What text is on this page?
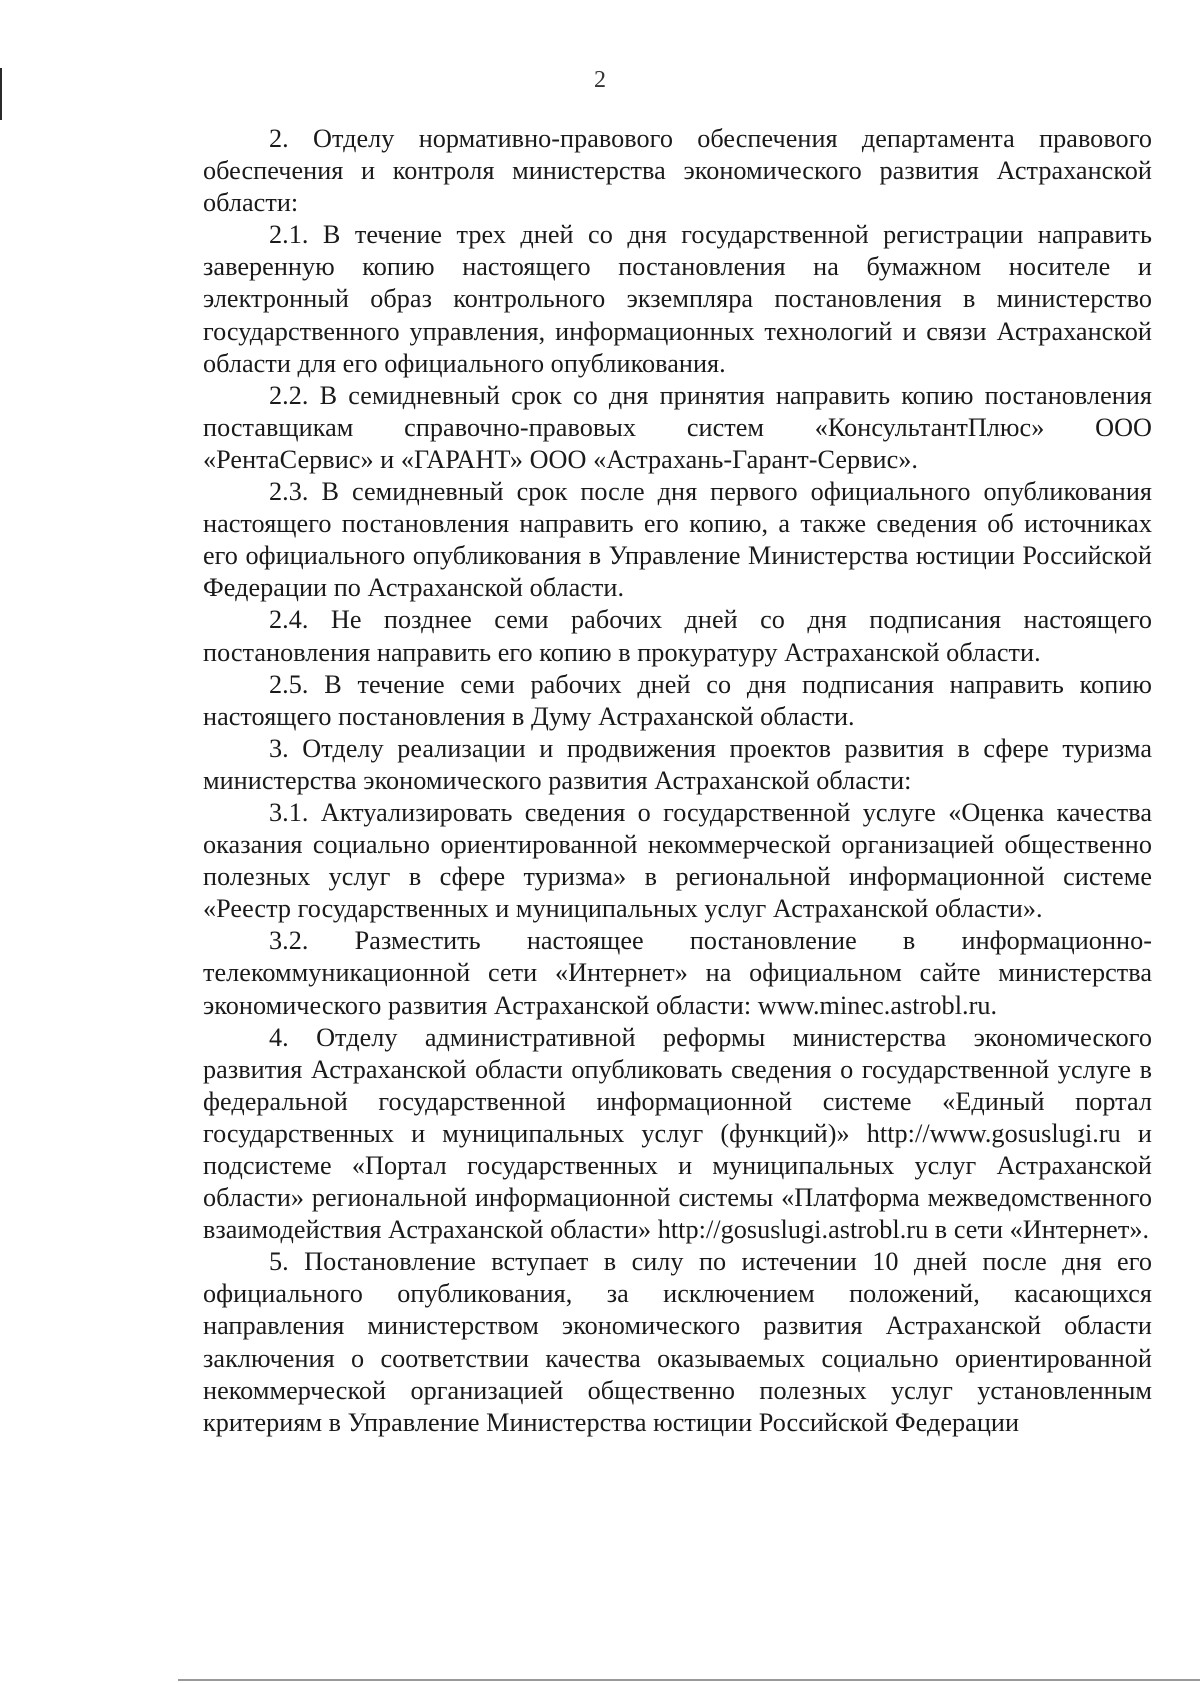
2

2. Отделу нормативно-правового обеспечения департамента правового обеспечения и контроля министерства экономического развития Астраханской области:

2.1. В течение трех дней со дня государственной регистрации направить заверенную копию настоящего постановления на бумажном носителе и электронный образ контрольного экземпляра постановления в министерство государственного управления, информационных технологий и связи Астраханской области для его официального опубликования.

2.2. В семидневный срок со дня принятия направить копию постановления поставщикам справочно-правовых систем «КонсультантПлюс» ООО «РентаСервис» и «ГАРАНТ» ООО «Астрахань-Гарант-Сервис».

2.3. В семидневный срок после дня первого официального опубликования настоящего постановления направить его копию, а также сведения об источниках его официального опубликования в Управление Министерства юстиции Российской Федерации по Астраханской области.

2.4. Не позднее семи рабочих дней со дня подписания настоящего постановления направить его копию в прокуратуру Астраханской области.

2.5. В течение семи рабочих дней со дня подписания направить копию настоящего постановления в Думу Астраханской области.

3. Отделу реализации и продвижения проектов развития в сфере туризма министерства экономического развития Астраханской области:

3.1. Актуализировать сведения о государственной услуге «Оценка качества оказания социально ориентированной некоммерческой организацией общественно полезных услуг в сфере туризма» в региональной информационной системе «Реестр государственных и муниципальных услуг Астраханской области».

3.2. Разместить настоящее постановление в информационно-телекоммуникационной сети «Интернет» на официальном сайте министерства экономического развития Астраханской области: www.minec.astrobl.ru.

4. Отделу административной реформы министерства экономического развития Астраханской области опубликовать сведения о государственной услуге в федеральной государственной информационной системе «Единый портал государственных и муниципальных услуг (функций)» http://www.gosuslugi.ru и подсистеме «Портал государственных и муниципальных услуг Астраханской области» региональной информационной системы «Платформа межведомственного взаимодействия Астраханской области» http://gosuslugi.astrobl.ru в сети «Интернет».

5. Постановление вступает в силу по истечении 10 дней после дня его официального опубликования, за исключением положений, касающихся направления министерством экономического развития Астраханской области заключения о соответствии качества оказываемых социально ориентированной некоммерческой организацией общественно полезных услуг установленным критериям в Управление Министерства юстиции Российской Федерации
